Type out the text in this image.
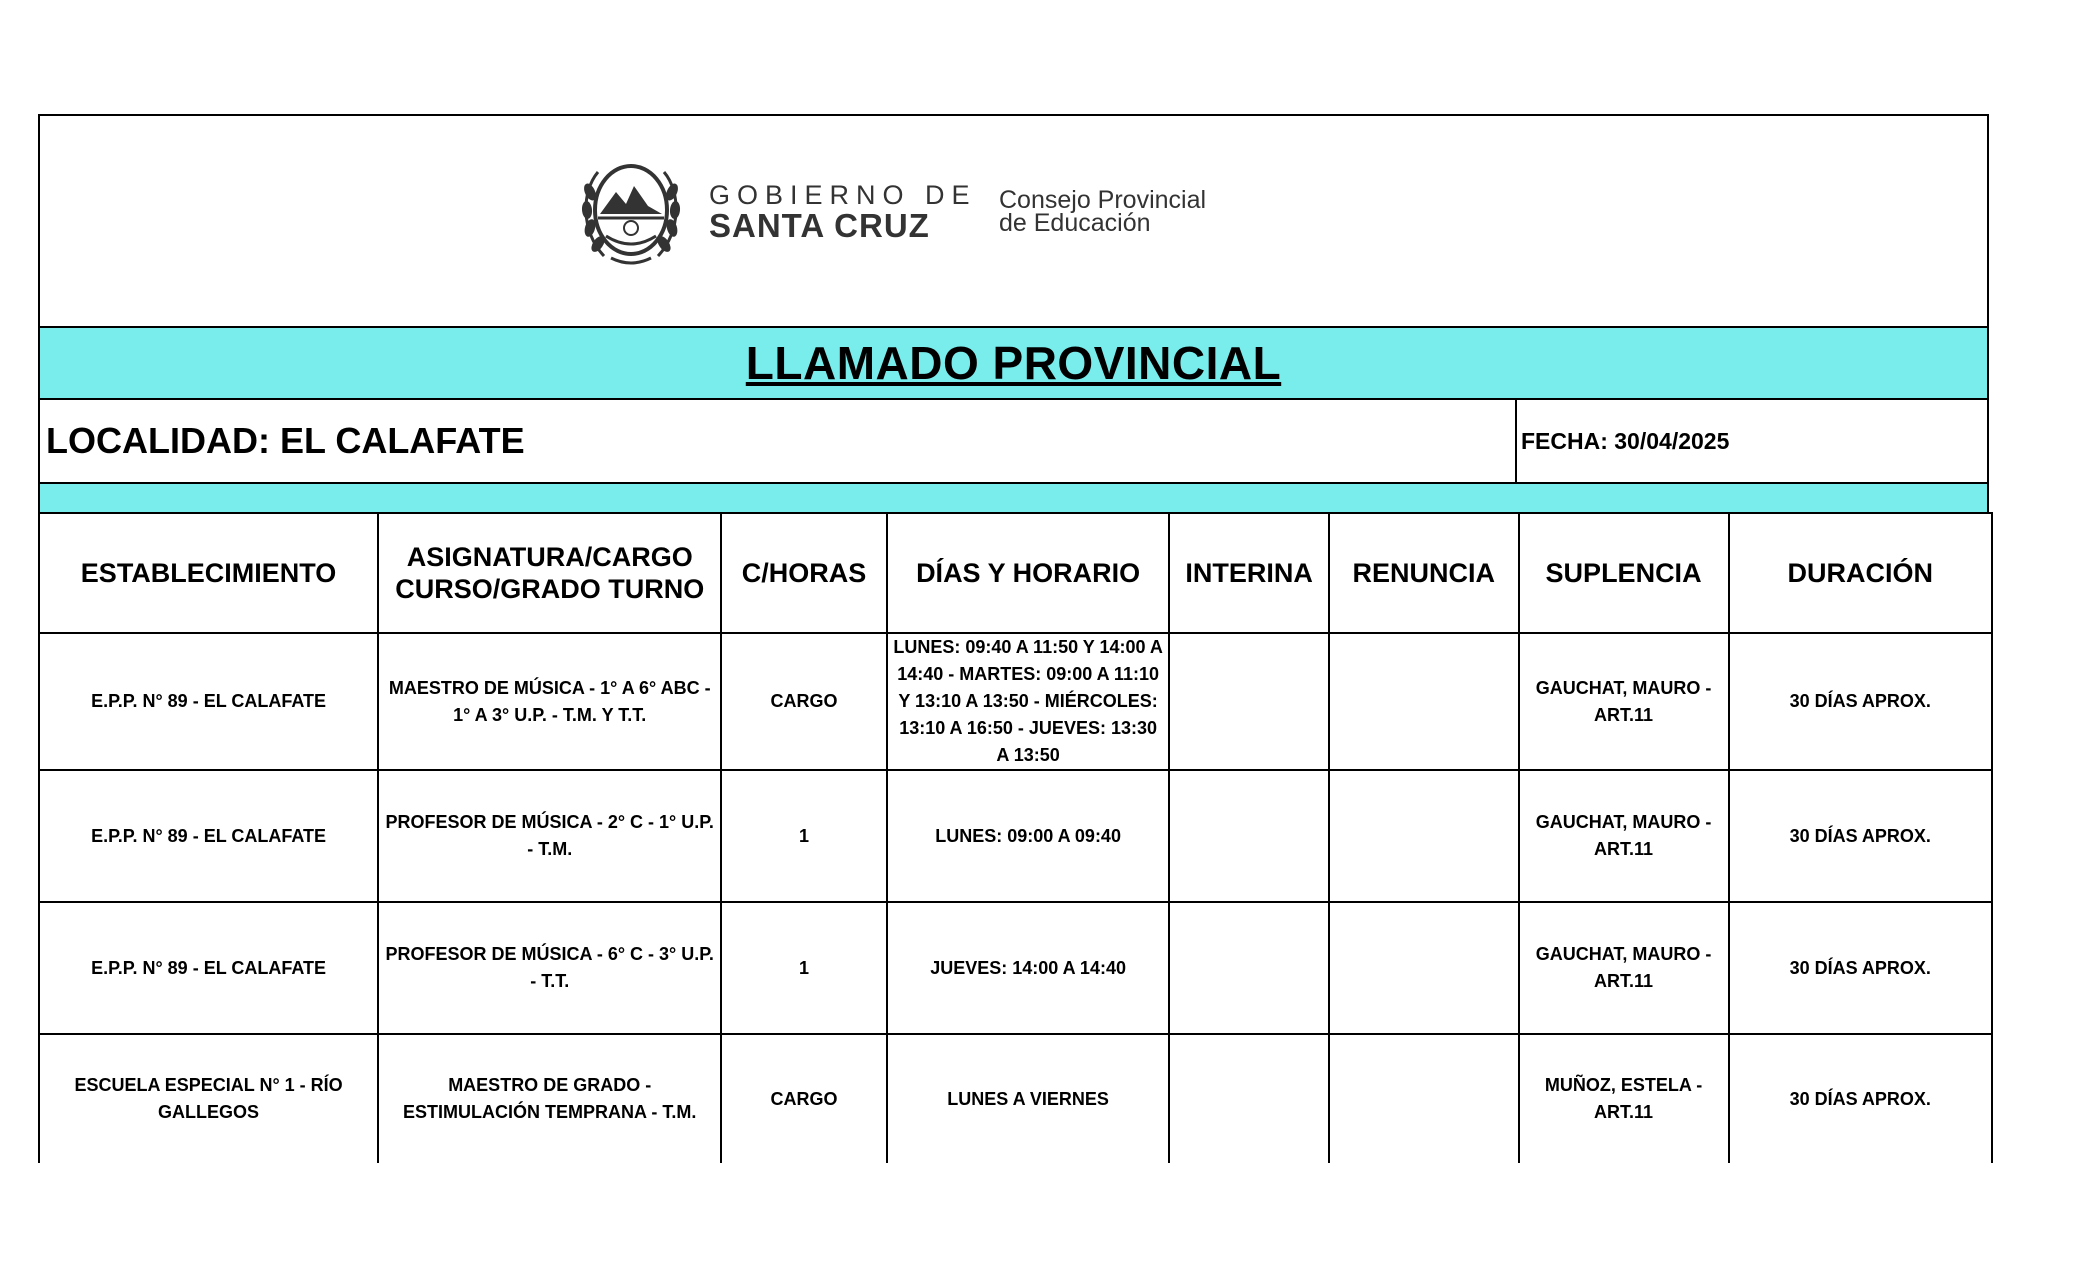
GOBIERNO DE
SANTA CRUZ
Consejo Provincial
de Educación
LLAMADO PROVINCIAL
LOCALIDAD: EL CALAFATE	FECHA: 30/04/2025
ESTABLECIMIENTO	ASIGNATURA/CARGO CURSO/GRADO TURNO	C/HORAS	DÍAS Y HORARIO	INTERINA	RENUNCIA	SUPLENCIA	DURACIÓN
E.P.P. N° 89 - EL CALAFATE	MAESTRO DE MÚSICA - 1° A 6° ABC - 1° A 3° U.P. - T.M. Y T.T.	CARGO	LUNES: 09:40 A 11:50 Y 14:00 A 14:40 - MARTES: 09:00 A 11:10 Y 13:10 A 13:50 - MIÉRCOLES: 13:10 A 16:50 - JUEVES: 13:30 A 13:50			GAUCHAT, MAURO - ART.11	30 DÍAS APROX.
E.P.P. N° 89 - EL CALAFATE	PROFESOR DE MÚSICA - 2° C - 1° U.P. - T.M.	1	LUNES: 09:00 A 09:40			GAUCHAT, MAURO - ART.11	30 DÍAS APROX.
E.P.P. N° 89 - EL CALAFATE	PROFESOR DE MÚSICA - 6° C - 3° U.P. - T.T.	1	JUEVES: 14:00 A 14:40			GAUCHAT, MAURO - ART.11	30 DÍAS APROX.
ESCUELA ESPECIAL N° 1 - RÍO GALLEGOS	MAESTRO DE GRADO - ESTIMULACIÓN TEMPRANA - T.M.	CARGO	LUNES A VIERNES			MUÑOZ, ESTELA - ART.11	30 DÍAS APROX.
